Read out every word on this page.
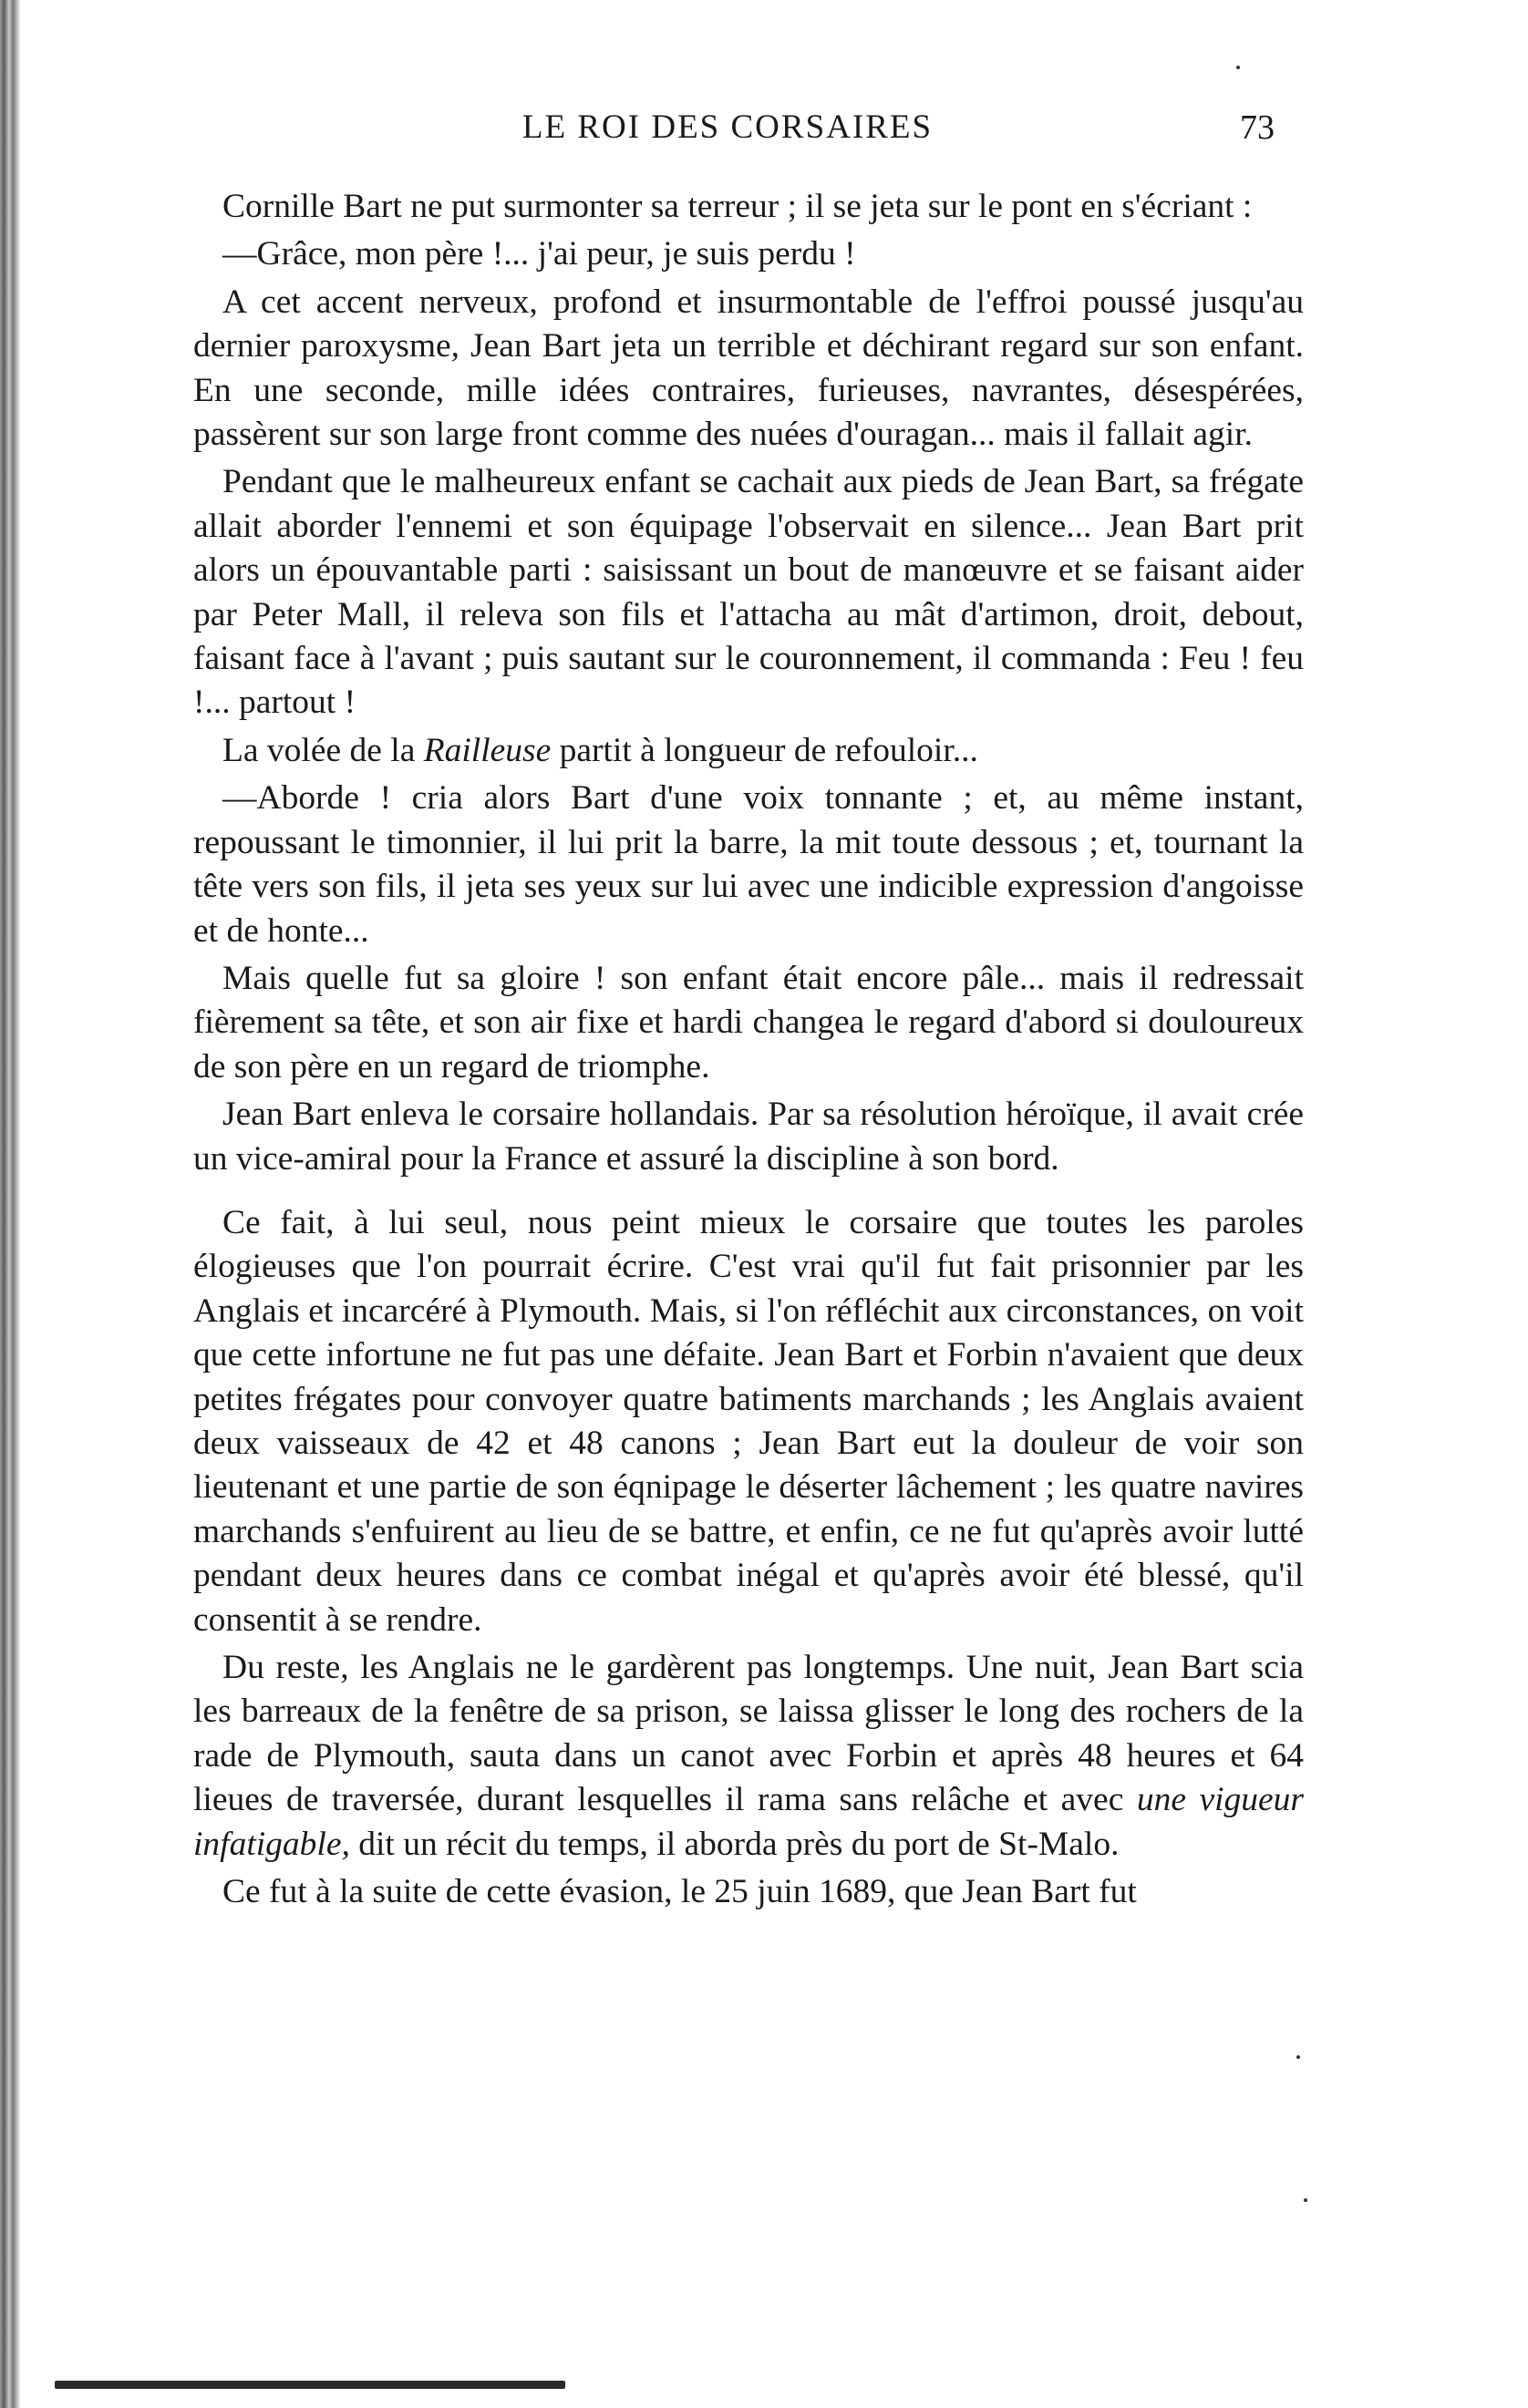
LE ROI DES CORSAIRES	73

Cornille Bart ne put surmonter sa terreur ; il se jeta sur le pont en s'écriant :

—Grâce, mon père !... j'ai peur, je suis perdu !

A cet accent nerveux, profond et insurmontable de l'effroi poussé jusqu'au dernier paroxysme, Jean Bart jeta un terrible et déchirant regard sur son enfant. En une seconde, mille idées contraires, furieuses, navrantes, désespérées, passèrent sur son large front comme des nuées d'ouragan... mais il fallait agir.

Pendant que le malheureux enfant se cachait aux pieds de Jean Bart, sa frégate allait aborder l'ennemi et son équipage l'observait en silence... Jean Bart prit alors un épouvantable parti : saisissant un bout de manœuvre et se faisant aider par Peter Mall, il releva son fils et l'attacha au mât d'artimon, droit, debout, faisant face à l'avant ; puis sautant sur le couronnement, il commanda : Feu ! feu !... partout !

La volée de la Railleuse partit à longueur de refouloir...

—Aborde ! cria alors Bart d'une voix tonnante ; et, au même instant, repoussant le timonnier, il lui prit la barre, la mit toute dessous ; et, tournant la tête vers son fils, il jeta ses yeux sur lui avec une indicible expression d'angoisse et de honte...

Mais quelle fut sa gloire ! son enfant était encore pâle... mais il redressait fièrement sa tête, et son air fixe et hardi changea le regard d'abord si douloureux de son père en un regard de triomphe.

Jean Bart enleva le corsaire hollandais. Par sa résolution héroïque, il avait crée un vice-amiral pour la France et assuré la discipline à son bord.

Ce fait, à lui seul, nous peint mieux le corsaire que toutes les paroles élogieuses que l'on pourrait écrire. C'est vrai qu'il fut fait prisonnier par les Anglais et incarcéré à Plymouth. Mais, si l'on réfléchit aux circonstances, on voit que cette infortune ne fut pas une défaite. Jean Bart et Forbin n'avaient que deux petites frégates pour convoyer quatre batiments marchands ; les Anglais avaient deux vaisseaux de 42 et 48 canons ; Jean Bart eut la douleur de voir son lieutenant et une partie de son éqnipage le déserter lâchement ; les quatre navires marchands s'enfuirent au lieu de se battre, et enfin, ce ne fut qu'après avoir lutté pendant deux heures dans ce combat inégal et qu'après avoir été blessé, qu'il consentit à se rendre.

Du reste, les Anglais ne le gardèrent pas longtemps. Une nuit, Jean Bart scia les barreaux de la fenêtre de sa prison, se laissa glisser le long des rochers de la rade de Plymouth, sauta dans un canot avec Forbin et après 48 heures et 64 lieues de traversée, durant lesquelles il rama sans relâche et avec une vigueur infatigable, dit un récit du temps, il aborda près du port de St-Malo.

Ce fut à la suite de cette évasion, le 25 juin 1689, que Jean Bart fut
